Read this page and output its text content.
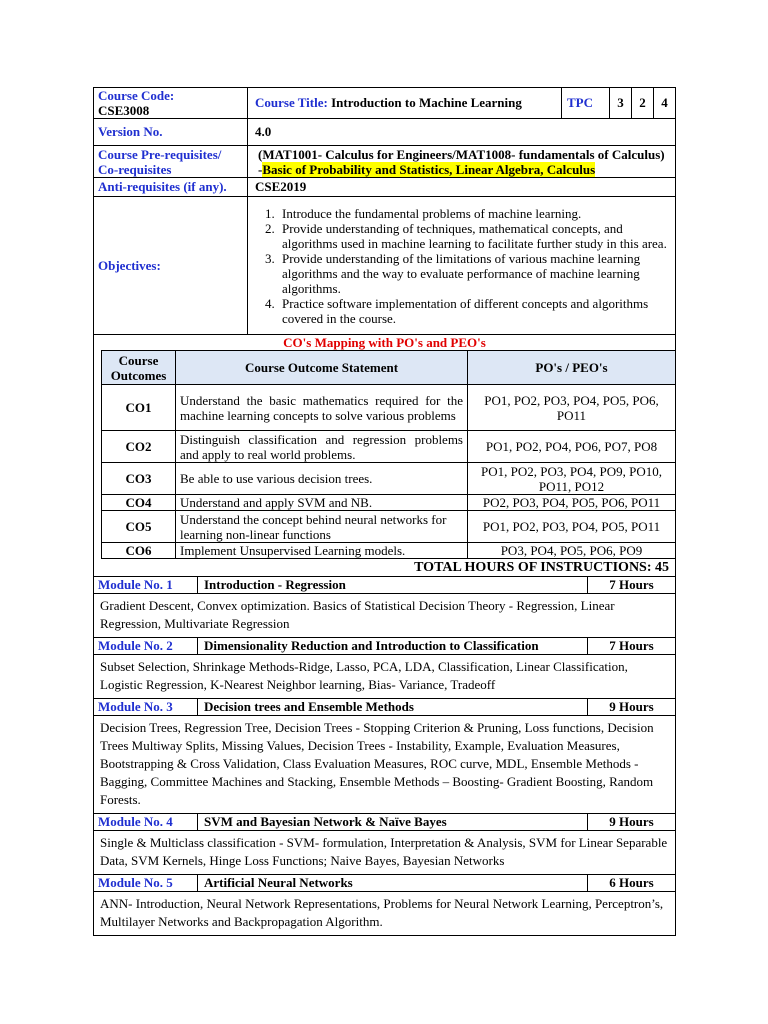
Course Code:
CSE3008
	Course Title: Introduction to Machine Learning	TPC	3	2	4
Version No.	4.0

Course Pre-requisites/
Co-requisites
	(MAT1001- Calculus for Engineers/MAT1008- fundamentals of Calculus) -Basic of Probability and Statistics, Linear Algebra, Calculus
Anti-requisites (if any).	CSE2019
Objectives:	
1. Introduce the fundamental problems of machine learning.
2. Provide understanding of techniques, mathematical concepts, and algorithms used in machine learning to facilitate further study in this area.
3. Provide understanding of the limitations of various machine learning algorithms and the way to evaluate performance of machine learning algorithms.
4. Practice software implementation of different concepts and algorithms covered in the course.

CO's Mapping with PO's and PEO's
Course
Outcomes
	Course Outcome Statement	PO's / PEO's
CO1	Understand the basic mathematics required for the machine learning concepts to solve various problems	PO1, PO2, PO3, PO4, PO5, PO6, PO11
CO2	Distinguish classification and regression problems and apply to real world problems.	PO1, PO2, PO4, PO6, PO7, PO8
CO3	Be able to use various decision trees.	PO1, PO2, PO3, PO4, PO9, PO10, PO11, PO12
CO4	Understand and apply SVM and NB.	PO2, PO3, PO4, PO5, PO6, PO11
CO5	Understand the concept behind neural networks for learning non-linear functions	PO1, PO2, PO3, PO4, PO5, PO11
CO6	Implement Unsupervised Learning models.	PO3, PO4, PO5, PO6, PO9
TOTAL HOURS OF INSTRUCTIONS: 45
Module No. 1	Introduction - Regression	7 Hours
Gradient Descent, Convex optimization. Basics of Statistical Decision Theory - Regression, Linear Regression, Multivariate Regression		
Module No. 2	Dimensionality Reduction and Introduction to Classification	7 Hours
Subset Selection, Shrinkage Methods-Ridge, Lasso, PCA, LDA, Classification, Linear Classification, Logistic Regression, K-Nearest Neighbor learning, Bias- Variance, Tradeoff		
Module No. 3	Decision trees and Ensemble Methods	9 Hours
Decision Trees, Regression Tree, Decision Trees - Stopping Criterion & Pruning, Loss functions, Decision Trees Multiway Splits, Missing Values, Decision Trees - Instability, Example, Evaluation Measures, Bootstrapping & Cross Validation, Class Evaluation Measures, ROC curve, MDL, Ensemble Methods - Bagging, Committee Machines and Stacking, Ensemble Methods – Boosting- Gradient Boosting, Random Forests.		
Module No. 4	SVM and Bayesian Network & Naïve Bayes	9 Hours
Single & Multiclass classification - SVM- formulation, Interpretation & Analysis, SVM for Linear Separable Data, SVM Kernels, Hinge Loss Functions; Naive Bayes, Bayesian Networks		
Module No. 5	Artificial Neural Networks	6 Hours
ANN- Introduction, Neural Network Representations, Problems for Neural Network Learning, Perceptron’s, Multilayer Networks and Backpropagation Algorithm.		
